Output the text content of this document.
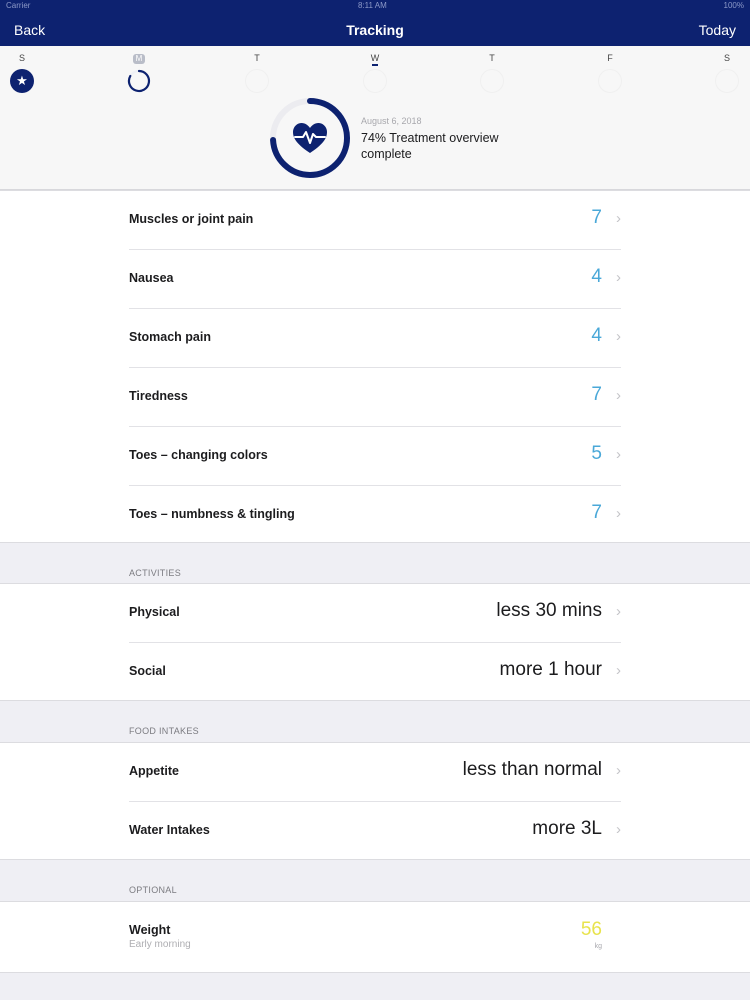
Carrier	8:11 AM	100%
Back	Tracking	Today
S
★
M	T	W	T	F	S
August 6, 2018
74% Treatment overview complete
Muscles or joint pain	7 ›
Nausea	4 ›
Stomach pain	4 ›
Tiredness	7 ›
Toes – changing colors	5 ›
Toes – numbness & tingling	7 ›
ACTIVITIES
Physical	less 30 mins ›
Social	more 1 hour ›
FOOD INTAKES
Appetite	less than normal ›
Water Intakes	more 3L ›
OPTIONAL
Weight
Early morning
56
kg
